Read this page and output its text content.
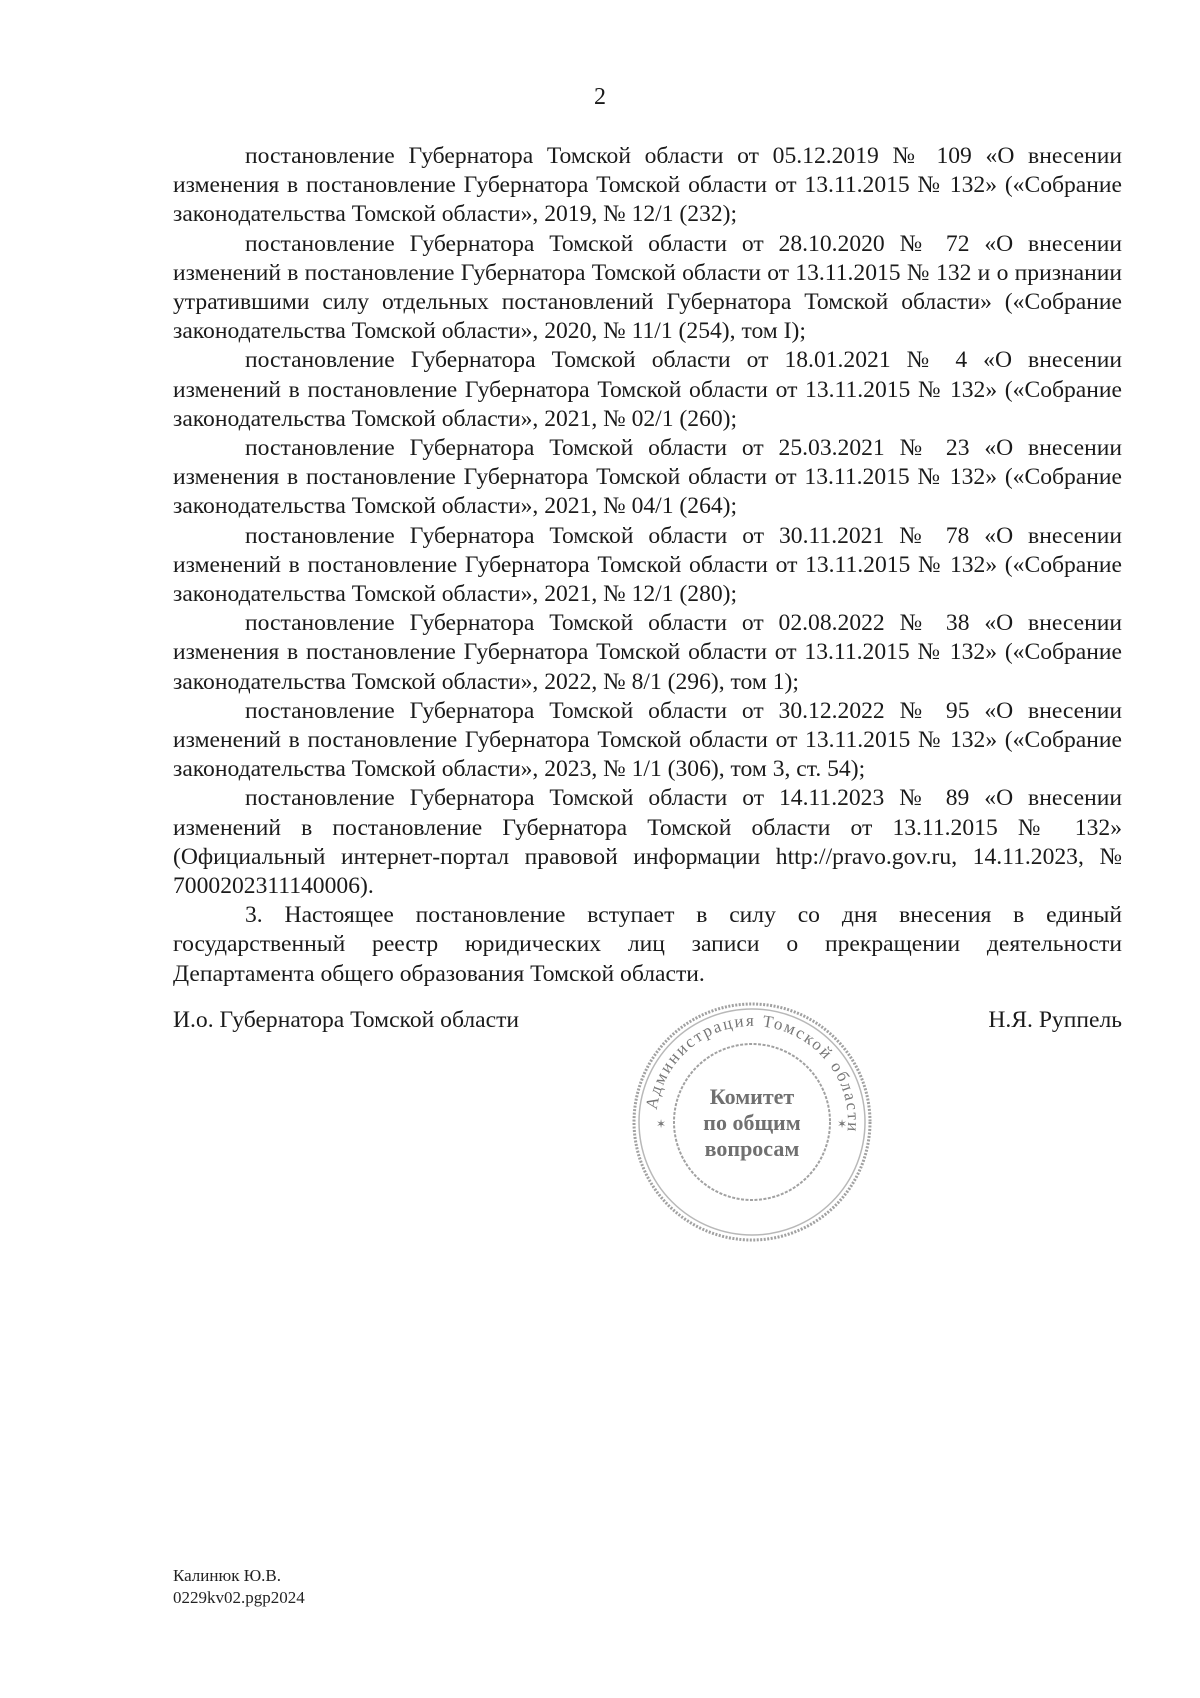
2

постановление Губернатора Томской области от 05.12.2019 № 109 «О внесении изменения в постановление Губернатора Томской области от 13.11.2015 № 132» («Собрание законодательства Томской области», 2019, № 12/1 (232);

постановление Губернатора Томской области от 28.10.2020 № 72 «О внесении изменений в постановление Губернатора Томской области от 13.11.2015 № 132 и о признании утратившими силу отдельных постановлений Губернатора Томской области» («Собрание законодательства Томской области», 2020, № 11/1 (254), том I);

постановление Губернатора Томской области от 18.01.2021 № 4 «О внесении изменений в постановление Губернатора Томской области от 13.11.2015 № 132» («Собрание законодательства Томской области», 2021, № 02/1 (260);

постановление Губернатора Томской области от 25.03.2021 № 23 «О внесении изменения в постановление Губернатора Томской области от 13.11.2015 № 132» («Собрание законодательства Томской области», 2021, № 04/1 (264);

постановление Губернатора Томской области от 30.11.2021 № 78 «О внесении изменений в постановление Губернатора Томской области от 13.11.2015 № 132» («Собрание законодательства Томской области», 2021, № 12/1 (280);

постановление Губернатора Томской области от 02.08.2022 № 38 «О внесении изменения в постановление Губернатора Томской области от 13.11.2015 № 132» («Собрание законодательства Томской области», 2022, № 8/1 (296), том 1);

постановление Губернатора Томской области от 30.12.2022 № 95 «О внесении изменений в постановление Губернатора Томской области от 13.11.2015 № 132» («Собрание законодательства Томской области», 2023, № 1/1 (306), том 3, ст. 54);

постановление Губернатора Томской области от 14.11.2023 № 89 «О внесении изменений в постановление Губернатора Томской области от 13.11.2015 № 132» (Официальный интернет-портал правовой информации http://pravo.gov.ru, 14.11.2023, № 7000202311140006).

3. Настоящее постановление вступает в силу со дня внесения в единый государственный реестр юридических лиц записи о прекращении деятельности Департамента общего образования Томской области.

И.о. Губернатора Томской области	Н.Я. Руппель
Администрация Томской области
✶	✶
Комитет
по общим
вопросам
Калинюк Ю.В.
0229kv02.pgp2024
